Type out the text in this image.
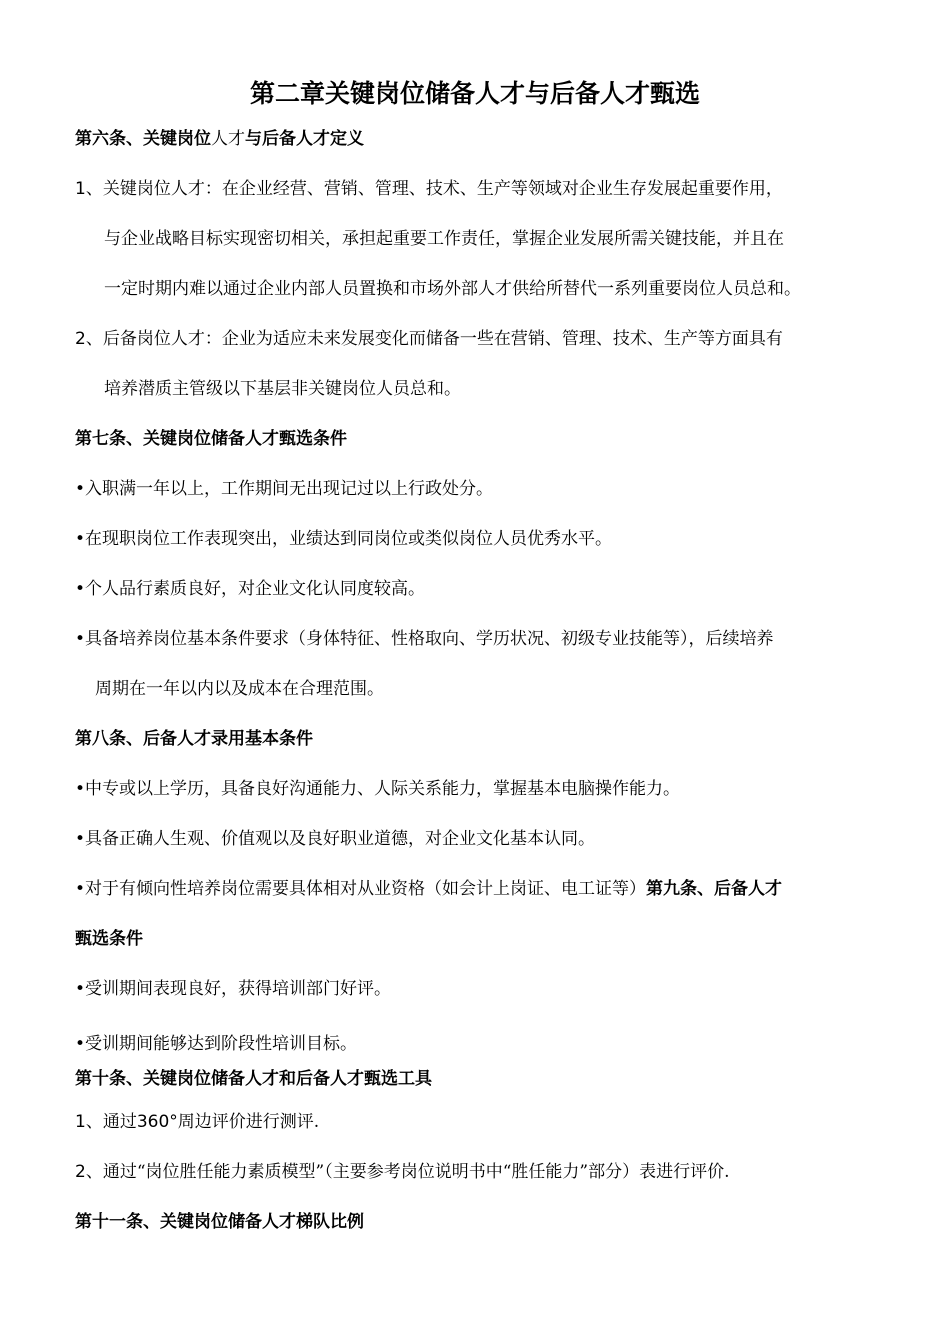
第二章关键岗位储备人才与后备人才甄选
第六条、关键岗位人才与后备人才定义
1、关键岗位人才：在企业经营、营销、管理、技术、生产等领域对企业生存发展起重要作用，
与企业战略目标实现密切相关，承担起重要工作责任，掌握企业发展所需关键技能，并且在
一定时期内难以通过企业内部人员置换和市场外部人才供给所替代一系列重要岗位人员总和。
2、后备岗位人才：企业为适应未来发展变化而储备一些在营销、管理、技术、生产等方面具有
培养潜质主管级以下基层非关键岗位人员总和。
第七条、关键岗位储备人才甄选条件
•入职满一年以上，工作期间无出现记过以上行政处分。
•在现职岗位工作表现突出，业绩达到同岗位或类似岗位人员优秀水平。
•个人品行素质良好，对企业文化认同度较高。
•具备培养岗位基本条件要求（身体特征、性格取向、学历状况、初级专业技能等），后续培养
周期在一年以内以及成本在合理范围。
第八条、后备人才录用基本条件
•中专或以上学历，具备良好沟通能力、人际关系能力，掌握基本电脑操作能力。
•具备正确人生观、价值观以及良好职业道德，对企业文化基本认同。
•对于有倾向性培养岗位需要具体相对从业资格（如会计上岗证、电工证等）第九条、后备人才
甄选条件
•受训期间表现良好，获得培训部门好评。
•受训期间能够达到阶段性培训目标。
第十条、关键岗位储备人才和后备人才甄选工具
1、通过360°周边评价进行测评.
2、通过“岗位胜任能力素质模型”（主要参考岗位说明书中“胜任能力”部分）表进行评价.
第十一条、关键岗位储备人才梯队比例
